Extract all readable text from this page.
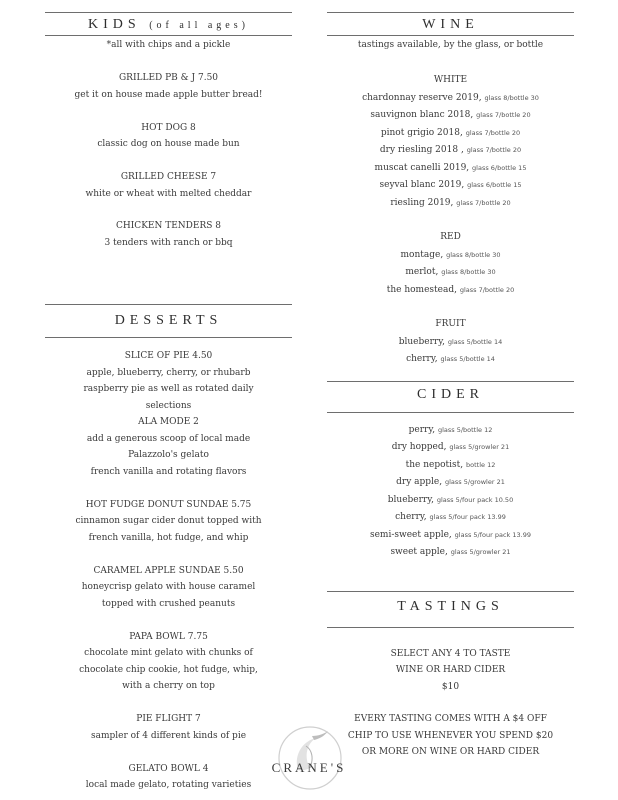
KIDS (of all ages)
*all with chips and a pickle
GRILLED PB & J 7.50
get it on house made apple butter bread!
HOT DOG 8
classic dog on house made bun
GRILLED CHEESE 7
white or wheat with melted cheddar
CHICKEN TENDERS 8
3 tenders with ranch or bbq
DESSERTS
SLICE OF PIE 4.50
apple, blueberry, cherry, or rhubarb
raspberry pie as well as rotated daily
selections
ALA MODE 2
add a generous scoop of local made
Palazzolo's gelato
french vanilla and rotating flavors
HOT FUDGE DONUT SUNDAE 5.75
cinnamon sugar cider donut topped with
french vanilla, hot fudge, and whip
CARAMEL APPLE SUNDAE 5.50
honeycrisp gelato with house caramel
topped with crushed peanuts
PAPA BOWL 7.75
chocolate mint gelato with chunks of
chocolate chip cookie, hot fudge, whip,
with a cherry on top
PIE FLIGHT 7
sampler of 4 different kinds of pie
GELATO BOWL 4
local made gelato, rotating varieties
WINE
tastings available, by the glass, or bottle
WHITE
chardonnay reserve 2019, glass 8/bottle 30
sauvignon blanc 2018, glass 7/bottle 20
pinot grigio 2018, glass 7/bottle 20
dry riesling 2018 , glass 7/bottle 20
muscat canelli 2019, glass 6/bottle 15
seyval blanc 2019, glass 6/bottle 15
riesling 2019, glass 7/bottle 20
RED
montage, glass 8/bottle 30
merlot, glass 8/bottle 30
the homestead, glass 7/bottle 20
FRUIT
blueberry, glass 5/bottle 14
cherry, glass 5/bottle 14
CIDER
perry, glass 5/bottle 12
dry hopped, glass 5/growler 21
the nepotist, bottle 12
dry apple, glass 5/growler 21
blueberry, glass 5/four pack 10.50
cherry, glass 5/four pack 13.99
semi-sweet apple, glass 5/four pack 13.99
sweet apple, glass 5/growler 21
TASTINGS
SELECT ANY 4 TO TASTE
WINE OR HARD CIDER
$10
EVERY TASTING COMES WITH A $4 OFF
CHIP TO USE WHENEVER YOU SPEND $20
OR MORE ON WINE OR HARD CIDER
CRANE'S
